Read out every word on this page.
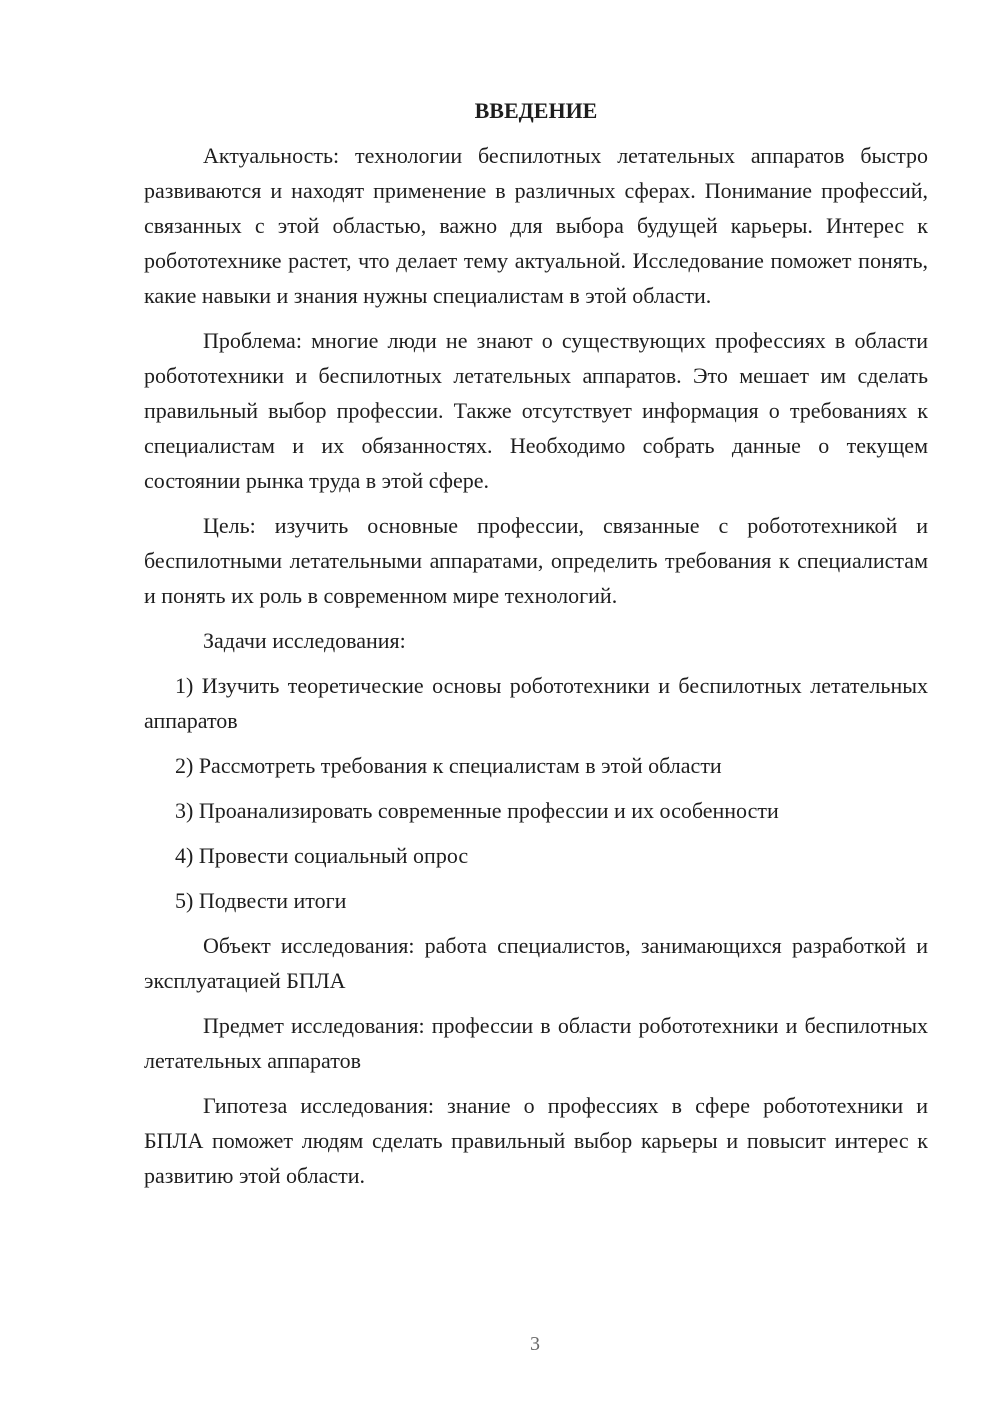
ВВЕДЕНИЕ

Актуальность: технологии беспилотных летательных аппаратов быстро развиваются и находят применение в различных сферах. Понимание профессий, связанных с этой областью, важно для выбора будущей карьеры. Интерес к робототехнике растет, что делает тему актуальной. Исследование поможет понять, какие навыки и знания нужны специалистам в этой области.

Проблема: многие люди не знают о существующих профессиях в области робототехники и беспилотных летательных аппаратов. Это мешает им сделать правильный выбор профессии. Также отсутствует информация о требованиях к специалистам и их обязанностях. Необходимо собрать данные о текущем состоянии рынка труда в этой сфере.

Цель: изучить основные профессии, связанные с робототехникой и беспилотными летательными аппаратами, определить требования к специалистам и понять их роль в современном мире технологий.

Задачи исследования:

1) Изучить теоретические основы робототехники и беспилотных летательных аппаратов

2) Рассмотреть требования к специалистам в этой области

3) Проанализировать современные профессии и их особенности

4) Провести социальный опрос

5) Подвести итоги

Объект исследования: работа специалистов, занимающихся разработкой и эксплуатацией БПЛА

Предмет исследования: профессии в области робототехники и беспилотных летательных аппаратов

Гипотеза исследования: знание о профессиях в сфере робототехники и БПЛА поможет людям сделать правильный выбор карьеры и повысит интерес к развитию этой области.

3
